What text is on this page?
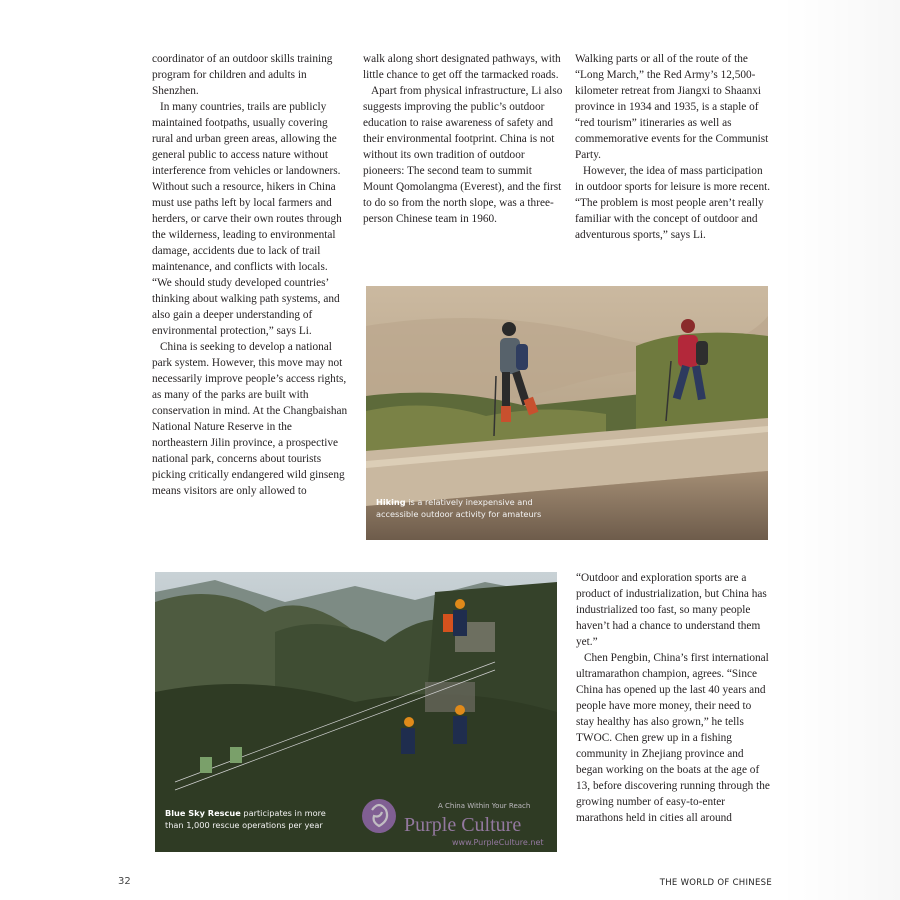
coordinator of an outdoor skills training program for children and adults in Shenzhen.

In many countries, trails are publicly maintained footpaths, usually covering rural and urban green areas, allowing the general public to access nature without interference from vehicles or landowners. Without such a resource, hikers in China must use paths left by local farmers and herders, or carve their own routes through the wilderness, leading to environmental damage, accidents due to lack of trail maintenance, and conflicts with locals. “We should study developed countries’ thinking about walking path systems, and also gain a deeper understanding of environmental protection,” says Li.

China is seeking to develop a national park system. However, this move may not necessarily improve people’s access rights, as many of the parks are built with conservation in mind. At the Changbaishan National Nature Reserve in the northeastern Jilin province, a prospective national park, concerns about tourists picking critically endangered wild ginseng means visitors are only allowed to

walk along short designated pathways, with little chance to get off the tarmacked roads.

Apart from physical infrastructure, Li also suggests improving the public’s outdoor education to raise awareness of safety and their environmental footprint. China is not without its own tradition of outdoor pioneers: The second team to summit Mount Qomolangma (Everest), and the first to do so from the north slope, was a three-person Chinese team in 1960.

Walking parts or all of the route of the “Long March,” the Red Army’s 12,500-kilometer retreat from Jiangxi to Shaanxi province in 1934 and 1935, is a staple of “red tourism” itineraries as well as commemorative events for the Communist Party.

However, the idea of mass participation in outdoor sports for leisure is more recent. “The problem is most people aren’t really familiar with the concept of outdoor and adventurous sports,” says Li.

Hiking is a relatively inexpensive and accessible outdoor activity for amateurs
Blue Sky Rescue participates in more than 1,000 rescue operations per year

“Outdoor and exploration sports are a product of industrialization, but China has industrialized too fast, so many people haven’t had a chance to understand them yet.”

Chen Pengbin, China’s first international ultramarathon champion, agrees. “Since China has opened up the last 40 years and people have more money, their need to stay healthy has also grown,” he tells TWOC. Chen grew up in a fishing community in Zhejiang province and began working on the boats at the age of 13, before discovering running through the growing number of easy-to-enter marathons held in cities all around

A China Within Your Reach
Purple Culture
www.PurpleCulture.net
32	THE WORLD OF CHINESE
